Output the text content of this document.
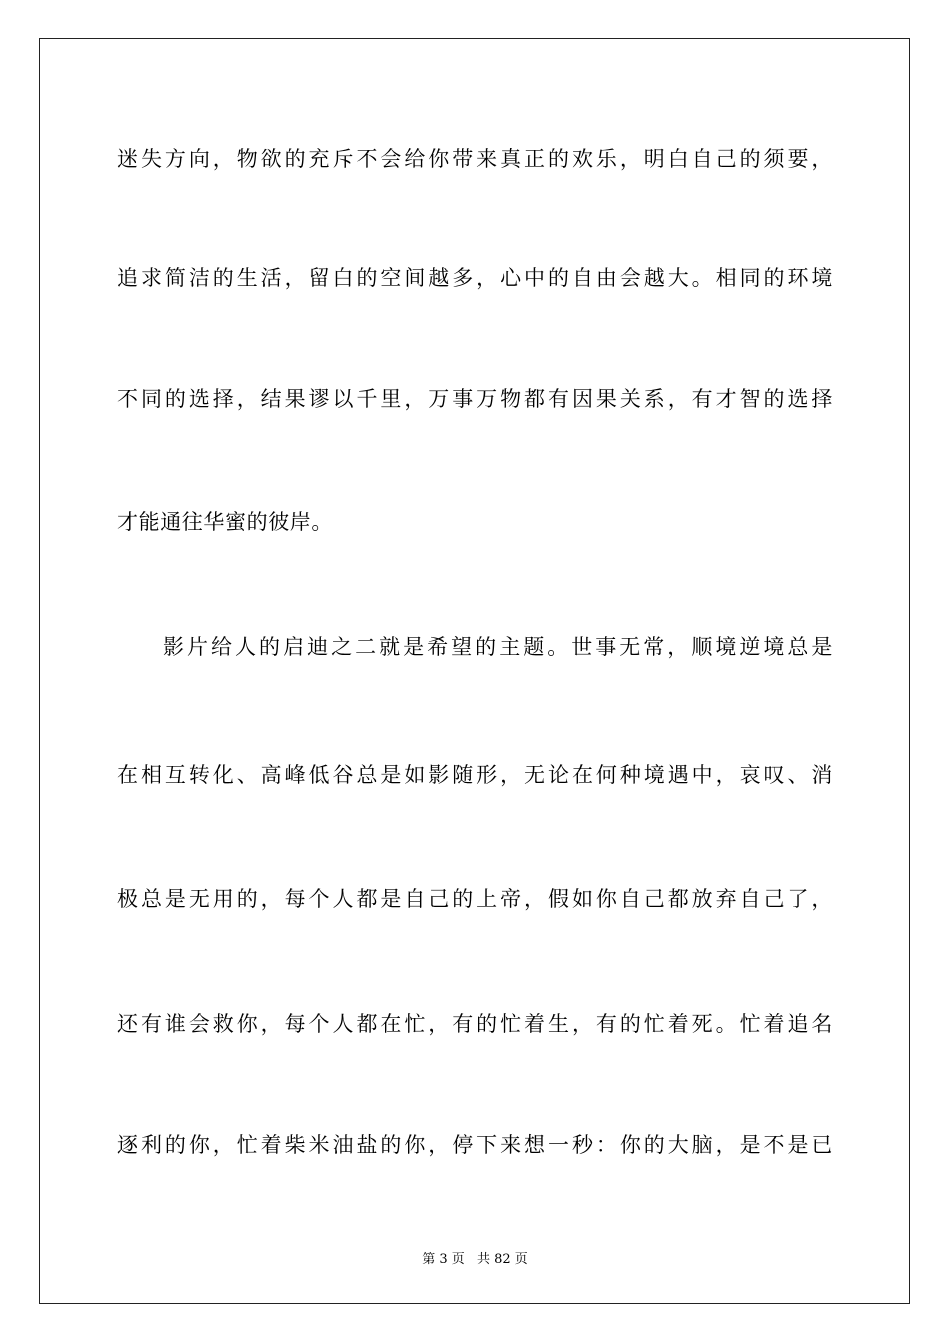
迷失方向，物欲的充斥不会给你带来真正的欢乐，明白自己的须要，
追求简洁的生活，留白的空间越多，心中的自由会越大。相同的环境
不同的选择，结果谬以千里，万事万物都有因果关系，有才智的选择
才能通往华蜜的彼岸。
影片给人的启迪之二就是希望的主题。世事无常，顺境逆境总是
在相互转化、高峰低谷总是如影随形，无论在何种境遇中，哀叹、消
极总是无用的，每个人都是自己的上帝，假如你自己都放弃自己了，
还有谁会救你，每个人都在忙，有的忙着生，有的忙着死。忙着追名
逐利的你，忙着柴米油盐的你，停下来想一秒：你的大脑，是不是已
第 3 页 共 82 页
